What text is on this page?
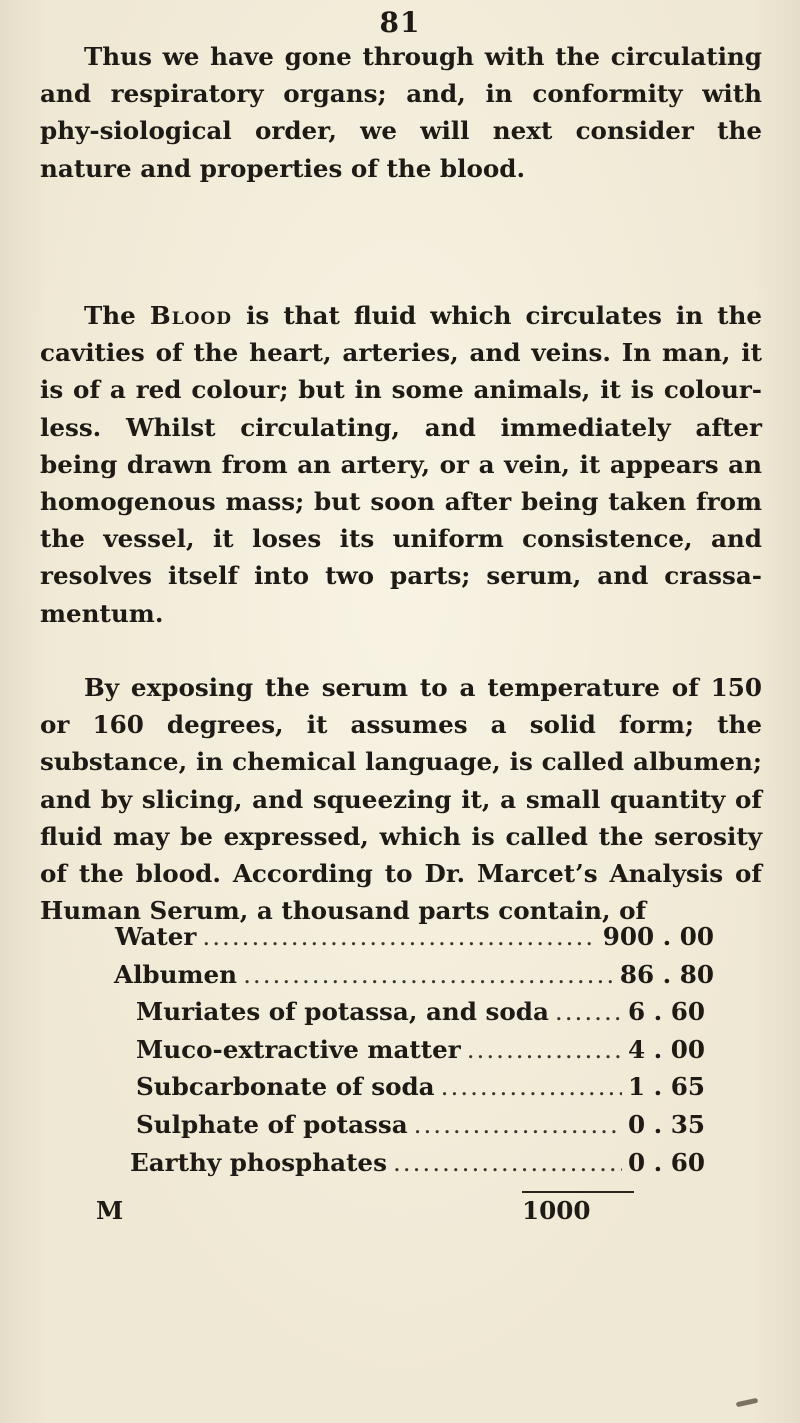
81

Thus we have gone through with the circulating and respiratory organs; and, in conformity with phy-siological order, we will next consider the nature and properties of the blood.

The Blood is that fluid which circulates in the cavities of the heart, arteries, and veins. In man, it is of a red colour; but in some animals, it is colour-less. Whilst circulating, and immediately after being drawn from an artery, or a vein, it appears an homogenous mass; but soon after being taken from the vessel, it loses its uniform consistence, and resolves itself into two parts; serum, and crassa-mentum.

By exposing the serum to a temperature of 150 or 160 degrees, it assumes a solid form; the substance, in chemical language, is called albumen; and by slicing, and squeezing it, a small quantity of fluid may be expressed, which is called the serosity of the blood. According to Dr. Marcet’s Analysis of Human Serum, a thousand parts contain, of

Water .....	900 . 00
Albumen .....	86 . 80
Muriates of potassa, and soda .....	6 . 60
Muco-extractive matter .....	4 . 00
Subcarbonate of soda .....	1 . 65
Sulphate of potassa .....	0 . 35
Earthy phosphates .....	0 . 60
M	1000
